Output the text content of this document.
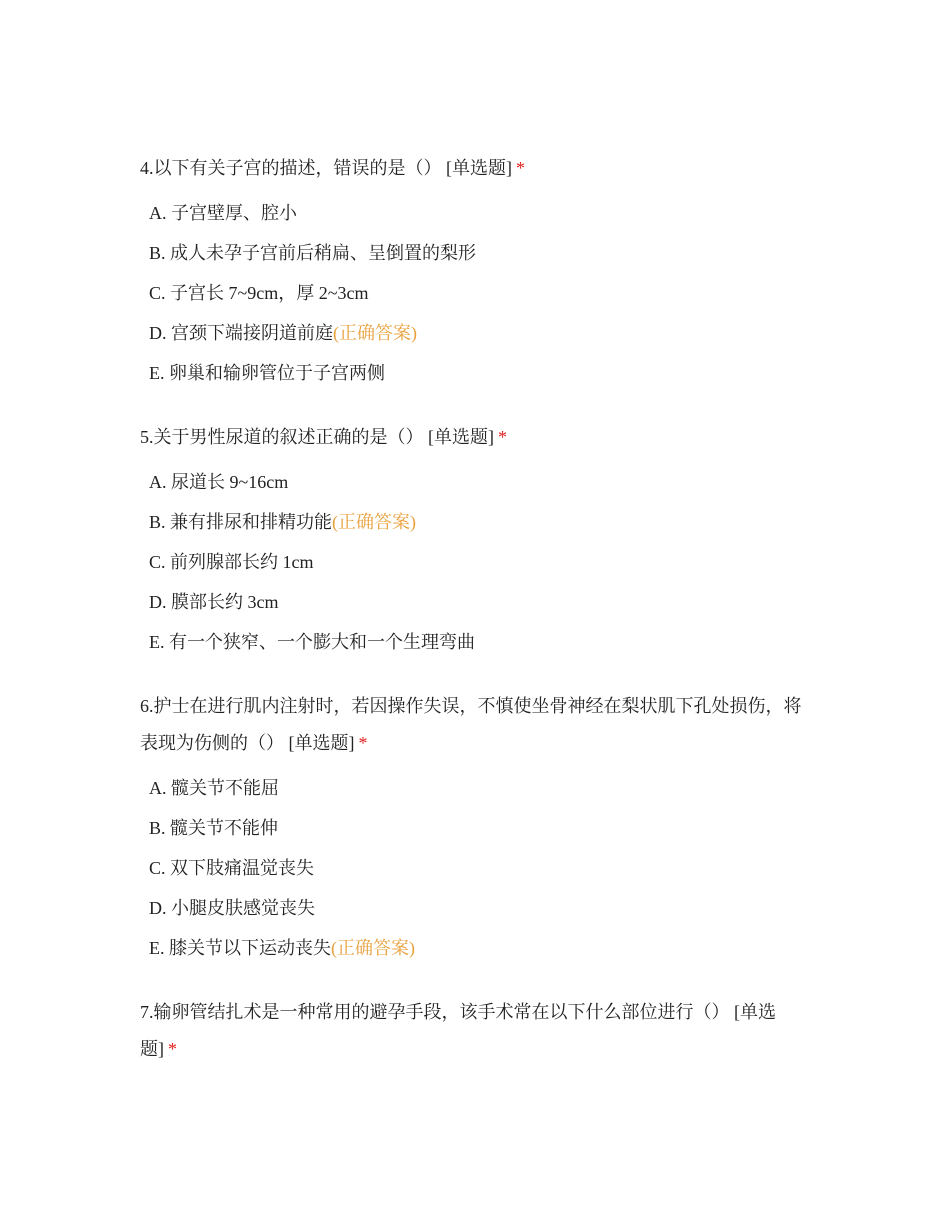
4.以下有关子宫的描述，错误的是（） [单选题] *

A. 子宫壁厚、腔小
B. 成人未孕子宫前后稍扁、呈倒置的梨形
C. 子宫长 7~9cm，厚 2~3cm
D. 宫颈下端接阴道前庭(正确答案)
E. 卵巢和输卵管位于子宫两侧

5.关于男性尿道的叙述正确的是（） [单选题] *

A. 尿道长 9~16cm
B. 兼有排尿和排精功能(正确答案)
C. 前列腺部长约 1cm
D. 膜部长约 3cm
E. 有一个狭窄、一个膨大和一个生理弯曲

6.护士在进行肌内注射时，若因操作失误，不慎使坐骨神经在梨状肌下孔处损伤，将表现为伤侧的（） [单选题] *

A. 髋关节不能屈
B. 髋关节不能伸
C. 双下肢痛温觉丧失
D. 小腿皮肤感觉丧失
E. 膝关节以下运动丧失(正确答案)

7.输卵管结扎术是一种常用的避孕手段，该手术常在以下什么部位进行（） [单选题] *
